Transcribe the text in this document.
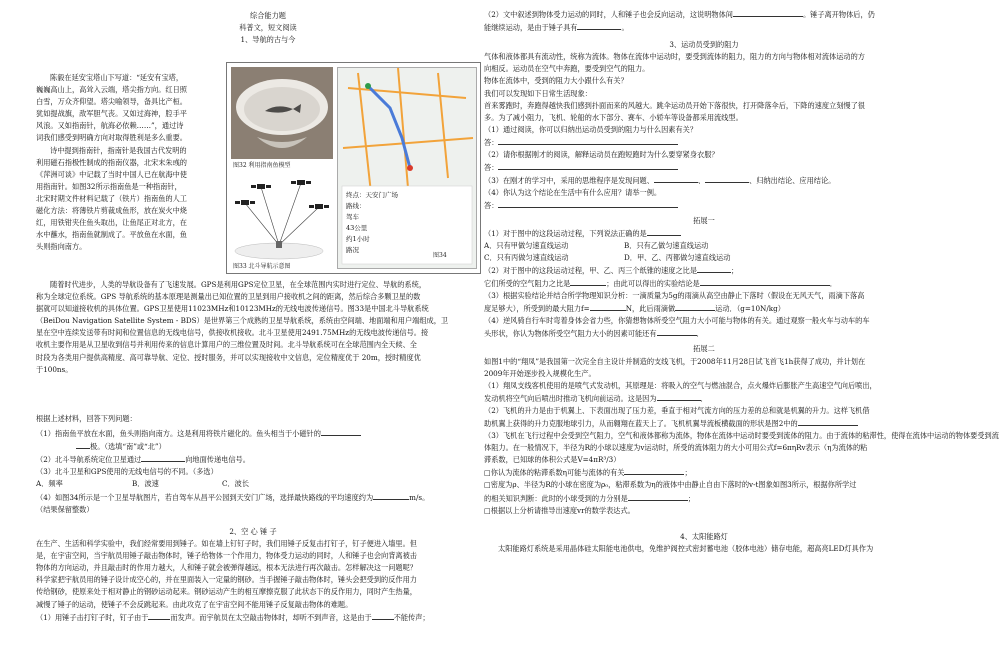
综合能力题

科普文，短文阅读

1、导航的古与今

陈毅在延安宝塔山下写道：“延安有宝塔，

巍巍高山上，高耸入云端，塔尖指方向。红日照

白雪，万众齐仰望。塔尖喻领导，备具比产桓。

犹如提战旗，敌军胆气丧。又如过海神，腔手平

风浪。又如指南针，航海必依赖……”，通过诗

词我们感受到明确方向对取得胜利是多么重要。

诗中提到指南针，指南针是我国古代发明的

利用磁石指极性制成的指南仪器，北宋末朱彧的

《萍洲可谈》中记载了当时中国人已在航海中使

用指南针。如图32所示指南鱼是一种指南针，

北宋时期文件材料记载了（铁片）指南鱼的人工

磁化方法：将薄铁片剪裁成鱼形，放在炭火中烧

红，用铁钳夹住鱼头取出，让鱼尾正对北方，在

水中蘸水，指南鱼就制成了。平放鱼在水面，鱼

头则指向南方。

图32 利用指南鱼模型
图33 北斗导航示意图

终点：天安门广场

路线：

驾车

43公里

约1小时

路况

图34

随着时代进步，人类的导航设备有了飞速发展。GPS是利用GPS定位卫星，在全球范围内实时进行定位、导航的系统，

称为全球定位系统。GPS 导航系统的基本原理是测量出已知位置的卫星到用户接收机之间的距离，然后综合多颗卫星的数

据就可以知道接收机的具体位置。GPS卫星使用11023MHz和10123MHz的无线电波传递信号。图33是中国北斗导航系统

（BeiDou Navigation Satellite System - BDS）是世界第三个成熟的卫星导航系统，系统由空间端、地面端和用户端组成，卫

星在空中连续发送带有时间和位置信息的无线电信号，供接收机接收。北斗卫星使用2491.75MHz的无线电波传递信号。接

收机主要作用是从卫星收到信号并利用传来的信息计算用户的三维位置及时间。北斗导航系统可在全球范围内全天候、全

时段为各类用户提供高精度、高可靠导航、定位、授时服务，并可以实现接收中文信息，定位精度优于 20m，授时精度优

于100ns。

根据上述材料，回答下列问题：

（1）指南鱼平放在水面，鱼头则指向南方。这是利用将铁片磁化的。鱼头相当于小磁针的

极。（选填“南”或“北”）

（2）北斗导航系统定位卫星通过	向地面传递电信号。

（3）北斗卫星和GPS使用的无线电信号的不同。（多选）

A．频率	B．波速	C．波长

（4）如图34所示是一个卫星导航图片，若自驾车从昌平公园到天安门广场，选择最快路线的平均速度约为	m/s。

（结果保留整数）

2、空 心 锤 子

在生产、生活和科学实验中，我们经常要用到锤子。如在墙上钉钉子时，我们用锤子反复击打钉子，钉子便进入墙里。但

是，在宇宙空间，当宇航员用锤子敲击物体时，锤子给物体一个作用力，物体受力运动的同时，人和锤子也会向背离被击

物体的方向运动，并且敲击时的作用力越大，人和锤子就会被弹得越远，根本无法进行再次敲击。怎样解决这一问题呢？

科学家把宇航员用的锤子设计成空心的，并在里面装入一定量的钢砂。当手握锤子敲击物体时，锤头会把受到的反作用力

传给钢砂，使原来处于相对静止的钢砂运动起来。钢砂运动产生的相互摩擦克服了此状态下的反作用力，同时产生热量，

减慢了锤子的运动，使锤子不会反跳起来。由此攻克了在宇宙空间不能用锤子反复敲击物体的难题。

（1）用锤子击打钉子时，钉子由于	而发声。而宇航员在太空敲击物体时，却听不到声音，这是由于	不能传声；

（2）文中叙述到物体受力运动的同时，人和锤子也会反向运动，这说明物体间	。锤子离开物体后，仍

能继续运动，是由于锤子具有	。

3、运动员受到的阻力

气体和液体都具有流动性，统称为流体。物体在流体中运动时，要受到流体的阻力，阻力的方向与物体相对流体运动的方

向相反。运动员在空气中奔跑，要受到空气的阻力。

物体在流体中，受到的阻力大小跟什么有关？

我们可以发现如下日常生活现象：

首来雾跑时，奔跑得越快我们感到扑面而来的风越大。跳伞运动员开始下落很快，打开降落伞后，下降的速度立刻慢了很

多。为了减小阻力，飞机、轮船的水下部分、赛车、小轿车等设备都采用流线型。

（1）通过阅读，你可以归纳出运动员受到的阻力与什么因素有关？

答：

（2）请你根据刚才的阅读，解释运动员在跑短跑时为什么要穿紧身衣服？

答：

（3）在刚才的学习中，采用的思维程序是发现问题、	、	、归纳出结论、应用结论。

（4）你认为这个结论在生活中有什么应用？请举一例。

答：

拓展一

（1）对于图中的这段运动过程，下列说法正确的是

A．只有甲做匀速直线运动	B．只有乙做匀速直线运动

C．只有丙做匀速直线运动	D．甲、乙、丙都做匀速直线运动

（2）对于图中的这段运动过程，甲、乙、丙三个纸锥的速度之比是	；

它们所受的空气阻力之比是	；由此可以得出的实验结论是	．

（3）根据实验结论并结合所学物理知识分析：一滴质量为5g的雨滴从高空由静止下落时（假设在无风天气，雨滴下落高

度足够大），所受到的最大阻力f=	N，此后雨滴做	运动．（g=10N/kg）

（4）逆风骑自行车时弯着身体会省力些，你猜想物体所受空气阻力大小可能与物体的有关。通过观察一般火车与动车的车

头形状，你认为物体所受空气阻力大小的因素可能还有	．

拓展二

如图1中的“翔凤”是我国第一次完全自主设计并制造的支线飞机，于2008年11月28日试飞首飞1h获得了成功，并计划在

2009年开始逐步投入规模化生产。

（1）翔凤支线客机使用的是喷气式发动机，其原理是：将吸入的空气与燃油混合，点火爆炸后膨胀产生高速空气向后喷出，

发动机将空气向后喷出时推动飞机向前运动。这是因为	．

（2）飞机的升力是由于机翼上、下表面出现了压力差，垂直于相对气流方向的压力差的总和就是机翼的升力。这样飞机借

助机翼上获得的升力克服地球引力，从而翱翔在蓝天上了。飞机机翼导流板横截面的形状是图2中的

（3）飞机在飞行过程中会受到空气阻力，空气和液体都称为流体，物体在流体中运动时要受到流体的阻力。由于流体的粘滞性，使得在流体中运动的物体要受到流

体阻力。在一般情况下，半径为R的小球以速度为v运动时，所受的流体阻力的大小可用公式f=6πηRv表示（η为流体的粘

滞系数，已知球的体积公式是V=4πR³/3）

□你认为流体的粘滞系数η可能与流体的有关	；

□密度为ρ、半径为R的小球在密度为ρ₀，粘滞系数为η的液体中由静止自由下落时的v-t图象如图3所示，根据你所学过

的相关知识判断：此时的小球受到的力分别是	；

□根据以上分析请推导出速度vr的数学表达式。

4、太阳能路灯

太阳能路灯系统是采用晶体硅太阳能电池供电，免维护阀控式密封蓄电池（胶体电池）储存电能，超高亮LED灯具作为
